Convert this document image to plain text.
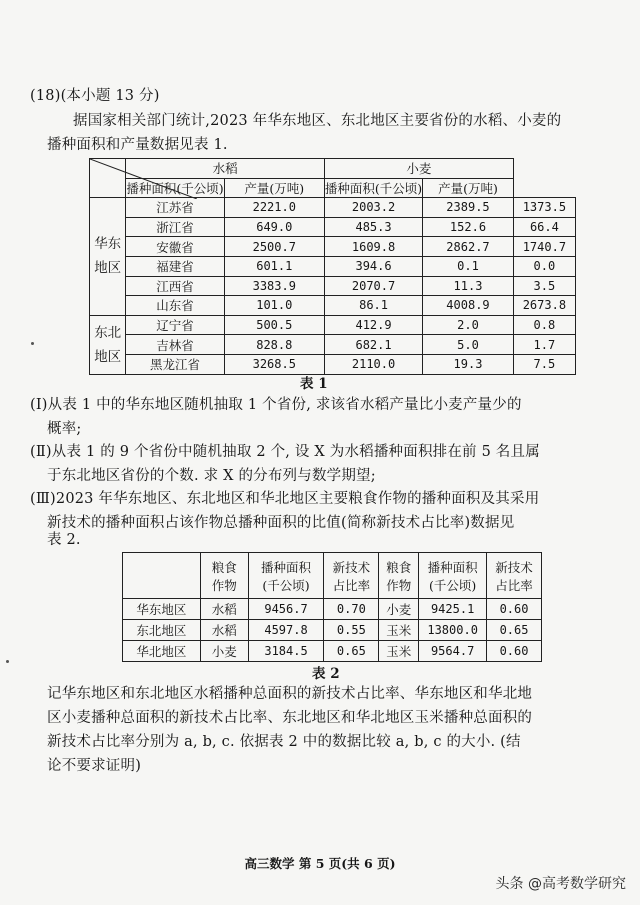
(18)(本小题 13 分)

据国家相关部门统计,2023 年华东地区、东北地区主要省份的水稻、小麦的

播种面积和产量数据见表 1.

	水稻		小麦		
	播种面积(千公顷)	产量(万吨)	播种面积(千公顷)	产量(万吨)	
华东
地区	江苏省	2221.0	2003.2	2389.5	1373.5
	浙江省	649.0	485.3	152.6	66.4
	安徽省	2500.7	1609.8	2862.7	1740.7
	福建省	601.1	394.6	0.1	0.0
	江西省	3383.9	2070.7	11.3	3.5
	山东省	101.0	86.1	4008.9	2673.8
东北
地区	辽宁省	500.5	412.9	2.0	0.8
	吉林省	828.8	682.1	5.0	1.7
	黑龙江省	3268.5	2110.0	19.3	7.5

表 1

(Ⅰ)从表 1 中的华东地区随机抽取 1 个省份, 求该省水稻产量比小麦产量少的

概率;

(Ⅱ)从表 1 的 9 个省份中随机抽取 2 个, 设 X 为水稻播种面积排在前 5 名且属

于东北地区省份的个数. 求 X 的分布列与数学期望;

(Ⅲ)2023 年华东地区、东北地区和华北地区主要粮食作物的播种面积及其采用

新技术的播种面积占该作物总播种面积的比值(简称新技术占比率)数据见

表 2.

	粮食
作物	播种面积
(千公顷)	新技术
占比率	粮食
作物	播种面积
(千公顷)	新技术
占比率
华东地区	水稻	9456.7	0.70	小麦	9425.1	0.60
东北地区	水稻	4597.8	0.55	玉米	13800.0	0.65
华北地区	小麦	3184.5	0.65	玉米	9564.7	0.60

表 2

记华东地区和东北地区水稻播种总面积的新技术占比率、华东地区和华北地

区小麦播种总面积的新技术占比率、东北地区和华北地区玉米播种总面积的

新技术占比率分别为 a, b, c. 依据表 2 中的数据比较 a, b, c 的大小. (结

论不要求证明)

高三数学 第 5 页(共 6 页)

头条 @高考数学研究
